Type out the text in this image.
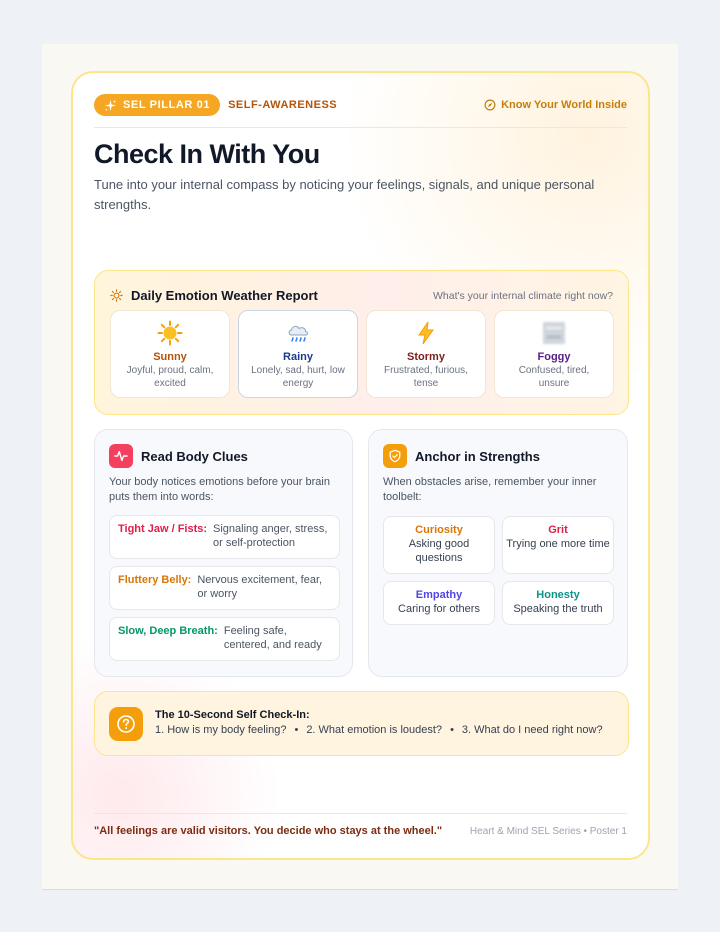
SEL PILLAR 01 SELF-AWARENESS	Know Your World Inside
Check In With You

Tune into your internal compass by noticing your feelings, signals, and unique personal strengths.

Daily Emotion Weather Report	What's your internal climate right now?
Sunny
Joyful, proud, calm, excited
Rainy
Lonely, sad, hurt, low energy
Stormy
Frustrated, furious, tense
Foggy
Confused, tired, unsure
Read Body Clues

Your body notices emotions before your brain puts them into words:

Tight Jaw / Fists: Signaling anger, stress, or self-protection
Fluttery Belly: Nervous excitement, fear, or worry
Slow, Deep Breath: Feeling safe, centered, and ready
Anchor in Strengths

When obstacles arise, remember your inner toolbelt:

Curiosity
Asking good questions
Grit
Trying one more time
Empathy
Caring for others
Honesty
Speaking the truth
The 10-Second Self Check-In:
1. How is my body feeling? • 2. What emotion is loudest? • 3. What do I need right now?
"All feelings are valid visitors. You decide who stays at the wheel."	Heart & Mind SEL Series • Poster 1
